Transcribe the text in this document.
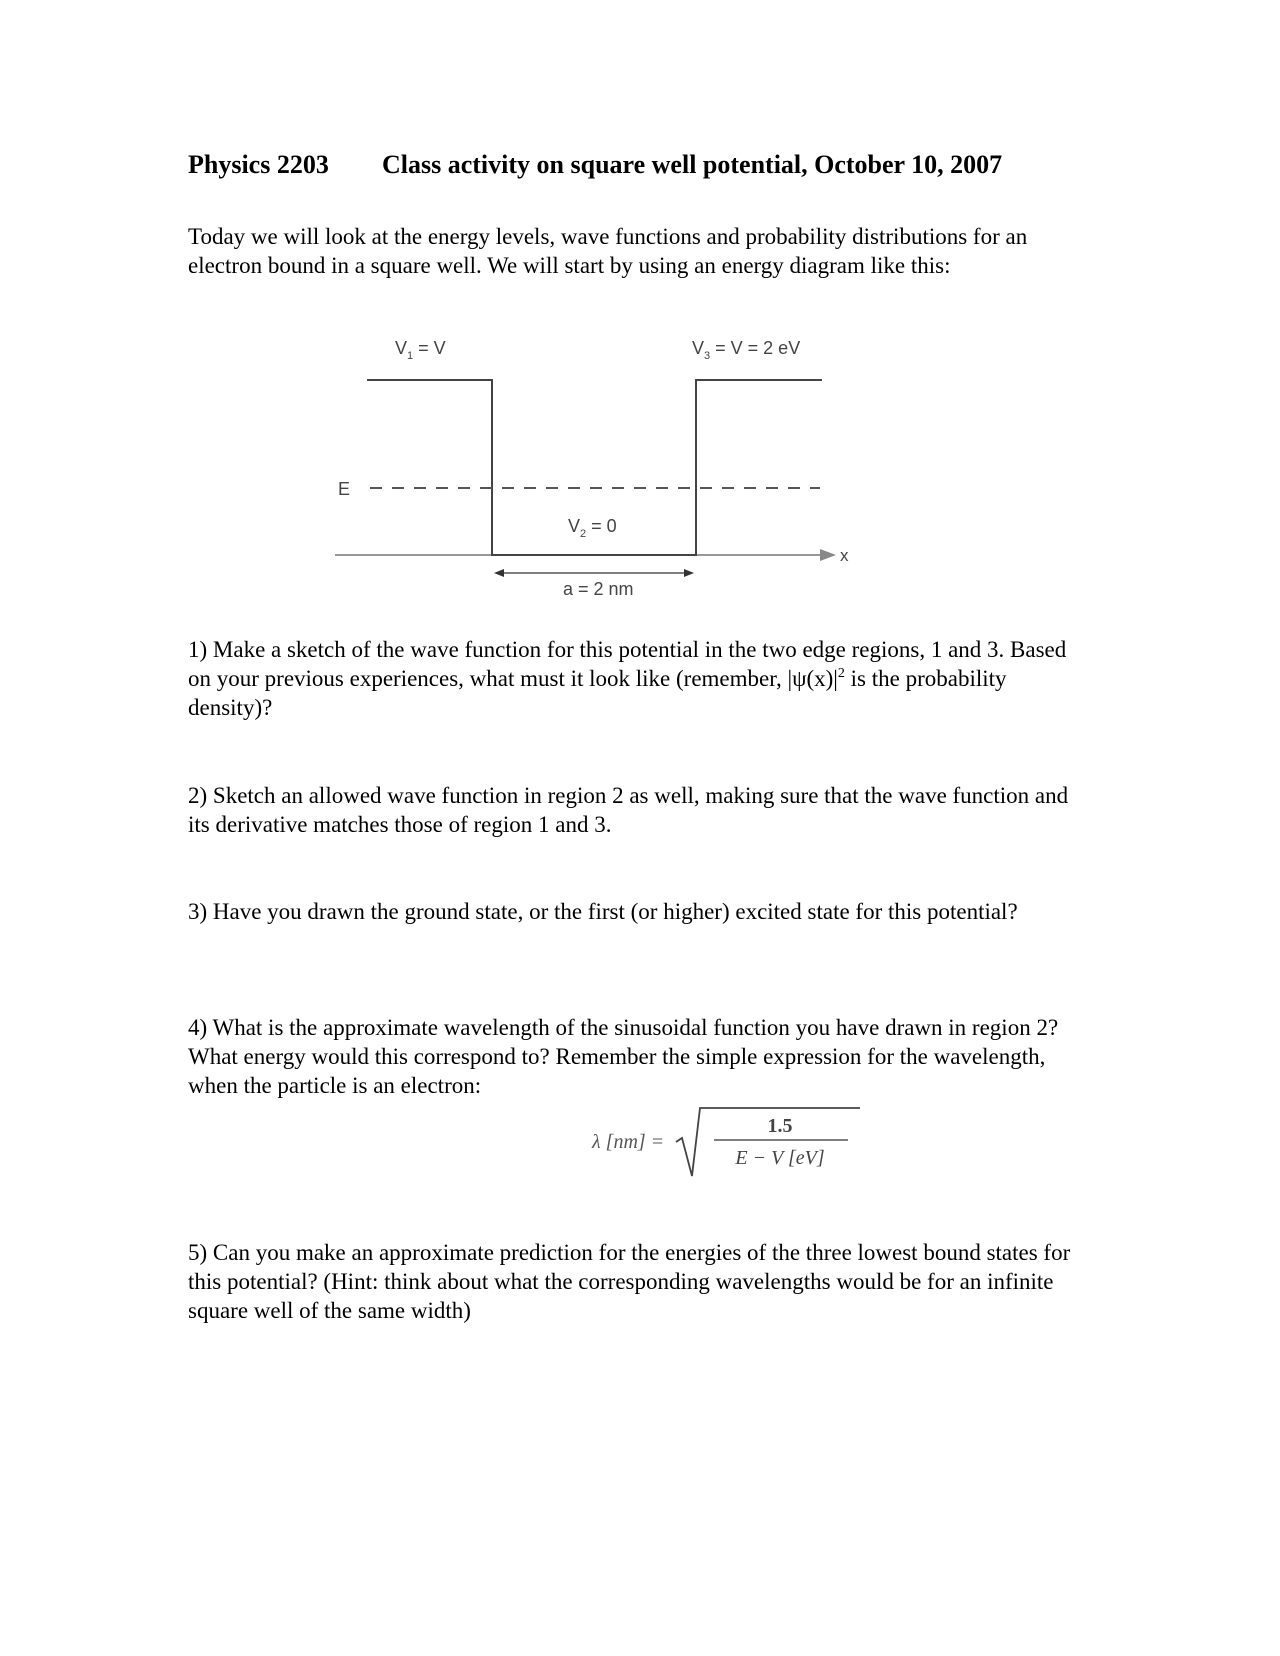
Physics 2203 Class activity on square well potential, October 10, 2007

Today we will look at the energy levels, wave functions and probability distributions for an electron bound in a square well. We will start by using an energy diagram like this:

$V_1 = V$	$V_3 = V = 2$ eV
$V_2 = 0$
E
x
a = 2 nm

1) Make a sketch of the wave function for this potential in the two edge regions, 1 and 3. Based on your previous experiences, what must it look like (remember, $|\psi(x)|^2$ is the probability density)?

2) Sketch an allowed wave function in region 2 as well, making sure that the wave function and its derivative matches those of region 1 and 3.

3) Have you drawn the ground state, or the first (or higher) excited state for this potential?

4) What is the approximate wavelength of the sinusoidal function you have drawn in region 2? What energy would this correspond to? Remember the simple expression for the wavelength, when the particle is an electron:

λ [nm] =
1.5
E − V [eV]

5) Can you make an approximate prediction for the energies of the three lowest bound states for this potential? (Hint: think about what the corresponding wavelengths would be for an infinite square well of the same width)
